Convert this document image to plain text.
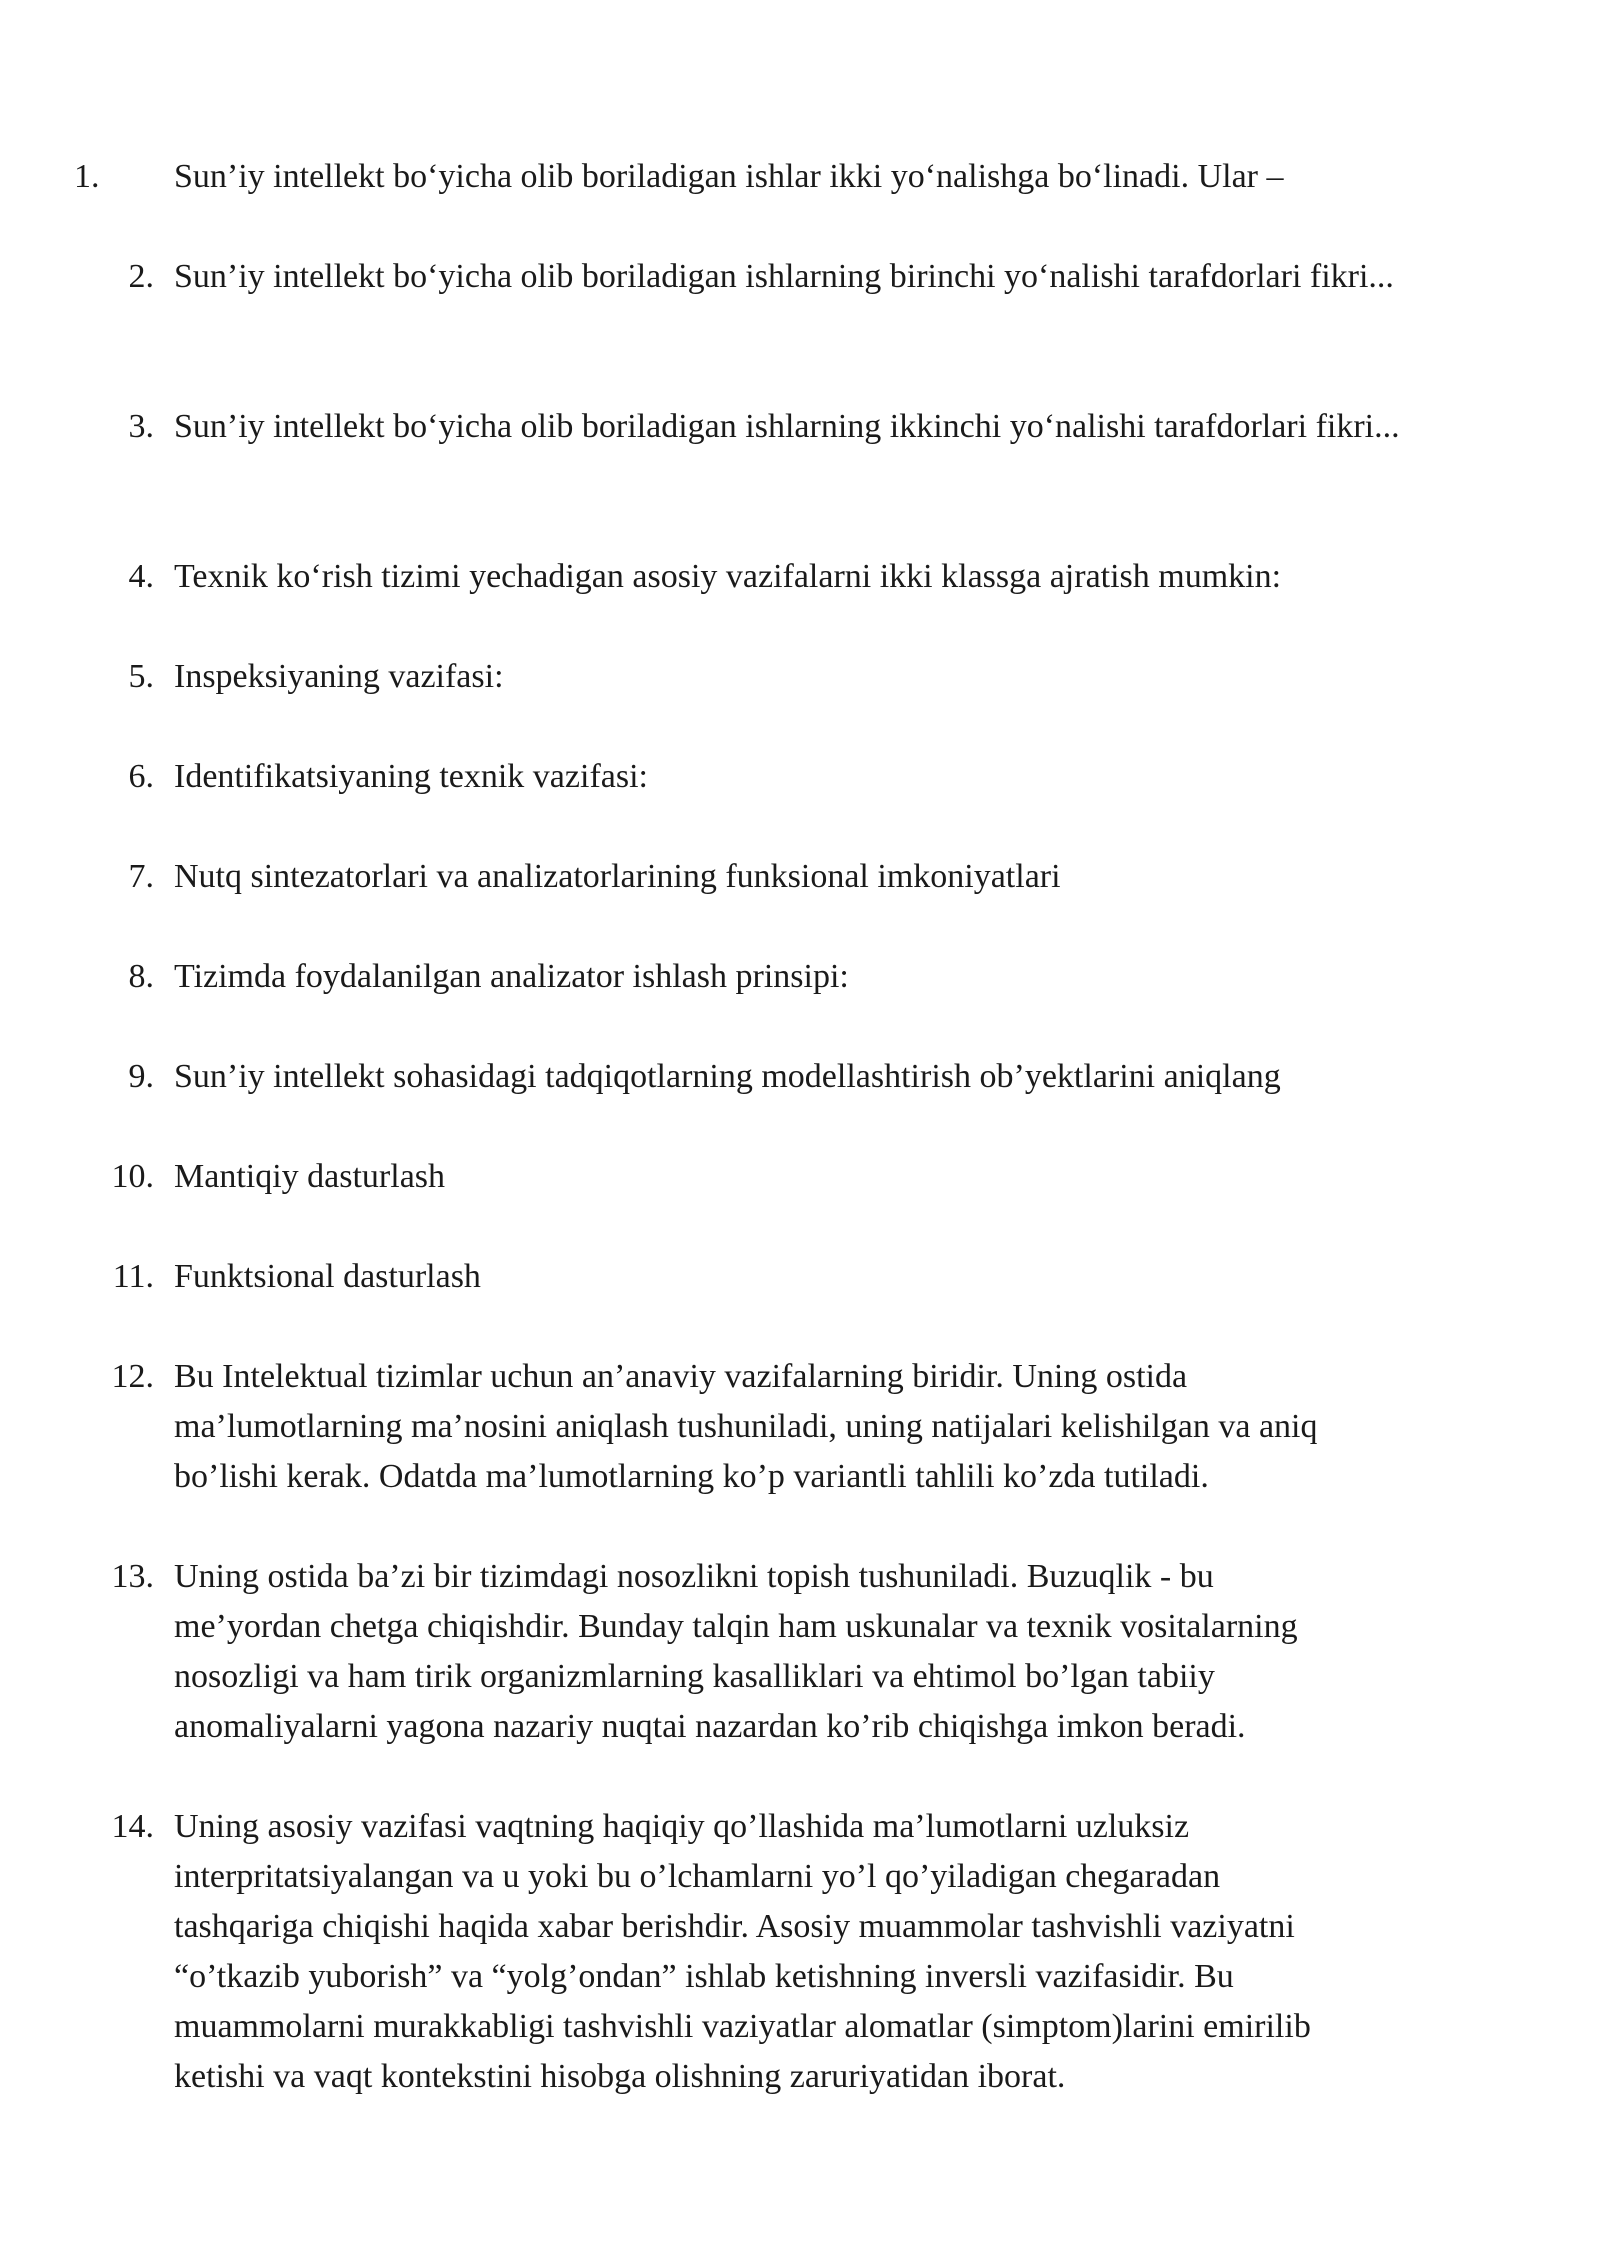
1. Sun’iy intellekt bo‘yicha olib boriladigan ishlar ikki yo‘nalishga bo‘linadi. Ular –
2. Sun’iy intellekt bo‘yicha olib boriladigan ishlarning birinchi yo‘nalishi tarafdorlari fikri...
3. Sun’iy intellekt bo‘yicha olib boriladigan ishlarning ikkinchi yo‘nalishi tarafdorlari fikri...
4. Texnik ko‘rish tizimi yechadigan asosiy vazifalarni ikki klassga ajratish mumkin:
5. Inspeksiyaning vazifasi:
6. Identifikatsiyaning texnik vazifasi:
7. Nutq sintezatorlari va analizatorlarining funksional imkoniyatlari
8. Tizimda foydalanilgan analizator ishlash prinsipi:
9. Sun’iy intellekt sohasidagi tadqiqotlarning modellashtirish ob’yektlarini aniqlang
10. Mantiqiy dasturlash
11. Funktsional dasturlash
12. Bu Intelektual tizimlar uchun an’anaviy vazifalarning biridir. Uning ostida
ma’lumotlarning ma’nosini aniqlash tushuniladi, uning natijalari kelishilgan va aniq
bo’lishi kerak. Odatda ma’lumotlarning ko’p variantli tahlili ko’zda tutiladi.
13. Uning ostida ba’zi bir tizimdagi nosozlikni topish tushuniladi. Buzuqlik - bu
me’yordan chetga chiqishdir. Bunday talqin ham uskunalar va texnik vositalarning
nosozligi va ham tirik organizmlarning kasalliklari va ehtimol bo’lgan tabiiy
anomaliyalarni yagona nazariy nuqtai nazardan ko’rib chiqishga imkon beradi.
14. Uning asosiy vazifasi vaqtning haqiqiy qo’llashida ma’lumotlarni uzluksiz
interpritatsiyalangan va u yoki bu o’lchamlarni yo’l qo’yiladigan chegaradan
tashqariga chiqishi haqida xabar berishdir. Asosiy muammolar tashvishli vaziyatni
“o’tkazib yuborish” va “yolg’ondan” ishlab ketishning inversli vazifasidir. Bu
muammolarni murakkabligi tashvishli vaziyatlar alomatlar (simptom)larini emirilib
ketishi va vaqt kontekstini hisobga olishning zaruriyatidan iborat.
